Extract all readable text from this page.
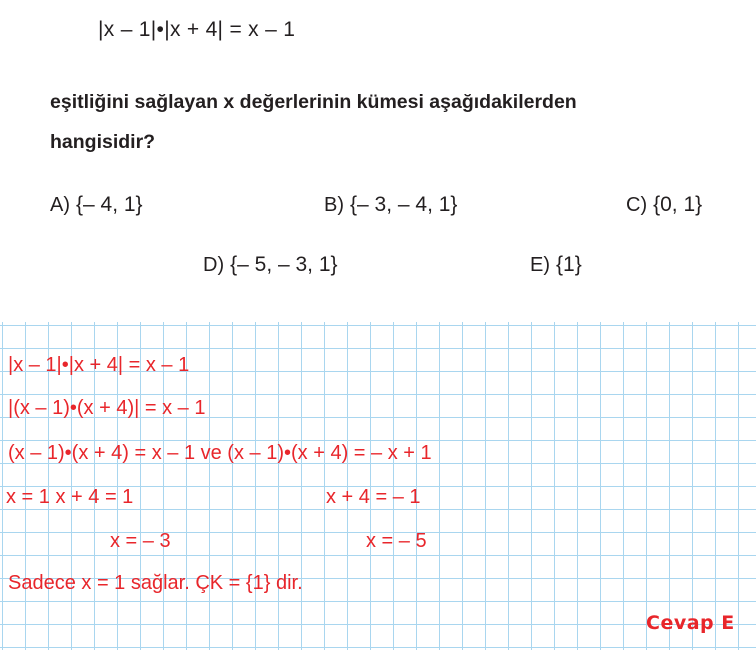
|x – 1|•|x + 4| = x – 1
eşitliğini sağlayan x değerlerinin kümesi aşağıdakilerden
hangisidir?
A) {– 4, 1}	B) {– 3, – 4, 1}	C) {0, 1}
D) {– 5, – 3, 1}	E) {1}
|x – 1|•|x + 4| = x – 1
|(x – 1)•(x + 4)| = x – 1
(x – 1)•(x + 4) = x – 1 ve (x – 1)•(x + 4) = – x + 1
x = 1 x + 4 = 1	x + 4 = – 1
x = – 3	x = – 5
Sadece x = 1 sağlar. ÇK = {1} dir.
Cevap E
